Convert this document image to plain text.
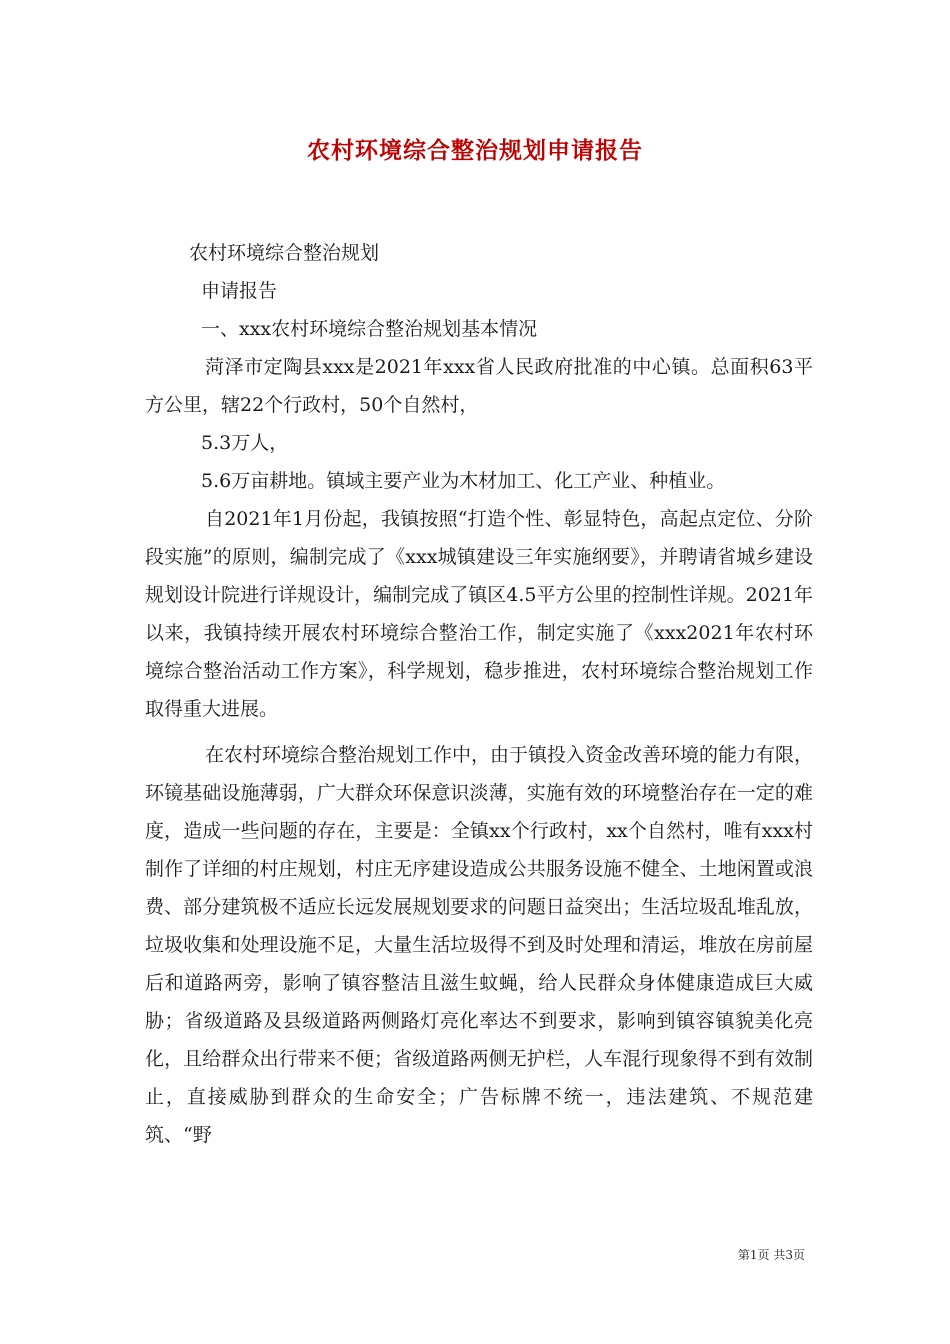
农村环境综合整治规划申请报告

农村环境综合整治规划

申请报告

一、xxx农村环境综合整治规划基本情况

菏泽市定陶县xxx是2021年xxx省人民政府批准的中心镇。总面积63平方公里，辖22个行政村，50个自然村，

5.3万人，

5.6万亩耕地。镇域主要产业为木材加工、化工产业、种植业。

自2021年1月份起，我镇按照“打造个性、彰显特色，高起点定位、分阶段实施”的原则，编制完成了《xxx城镇建设三年实施纲要》，并聘请省城乡建设规划设计院进行详规设计，编制完成了镇区4.5平方公里的控制性详规。2021年以来，我镇持续开展农村环境综合整治工作，制定实施了《xxx2021年农村环境综合整治活动工作方案》，科学规划，稳步推进，农村环境综合整治规划工作取得重大进展。

在农村环境综合整治规划工作中，由于镇投入资金改善环境的能力有限，环镜基础设施薄弱，广大群众环保意识淡薄，实施有效的环境整治存在一定的难度，造成一些问题的存在，主要是：全镇xx个行政村，xx个自然村，唯有xxx村制作了详细的村庄规划，村庄无序建设造成公共服务设施不健全、土地闲置或浪费、部分建筑极不适应长远发展规划要求的问题日益突出；生活垃圾乱堆乱放，垃圾收集和处理设施不足，大量生活垃圾得不到及时处理和清运，堆放在房前屋后和道路两旁，影响了镇容整洁且滋生蚊蝇，给人民群众身体健康造成巨大威胁；省级道路及县级道路两侧路灯亮化率达不到要求，影响到镇容镇貌美化亮化，且给群众出行带来不便；省级道路两侧无护栏，人车混行现象得不到有效制止，直接威胁到群众的生命安全；广告标牌不统一，违法建筑、不规范建筑、“野

第1页 共3页
